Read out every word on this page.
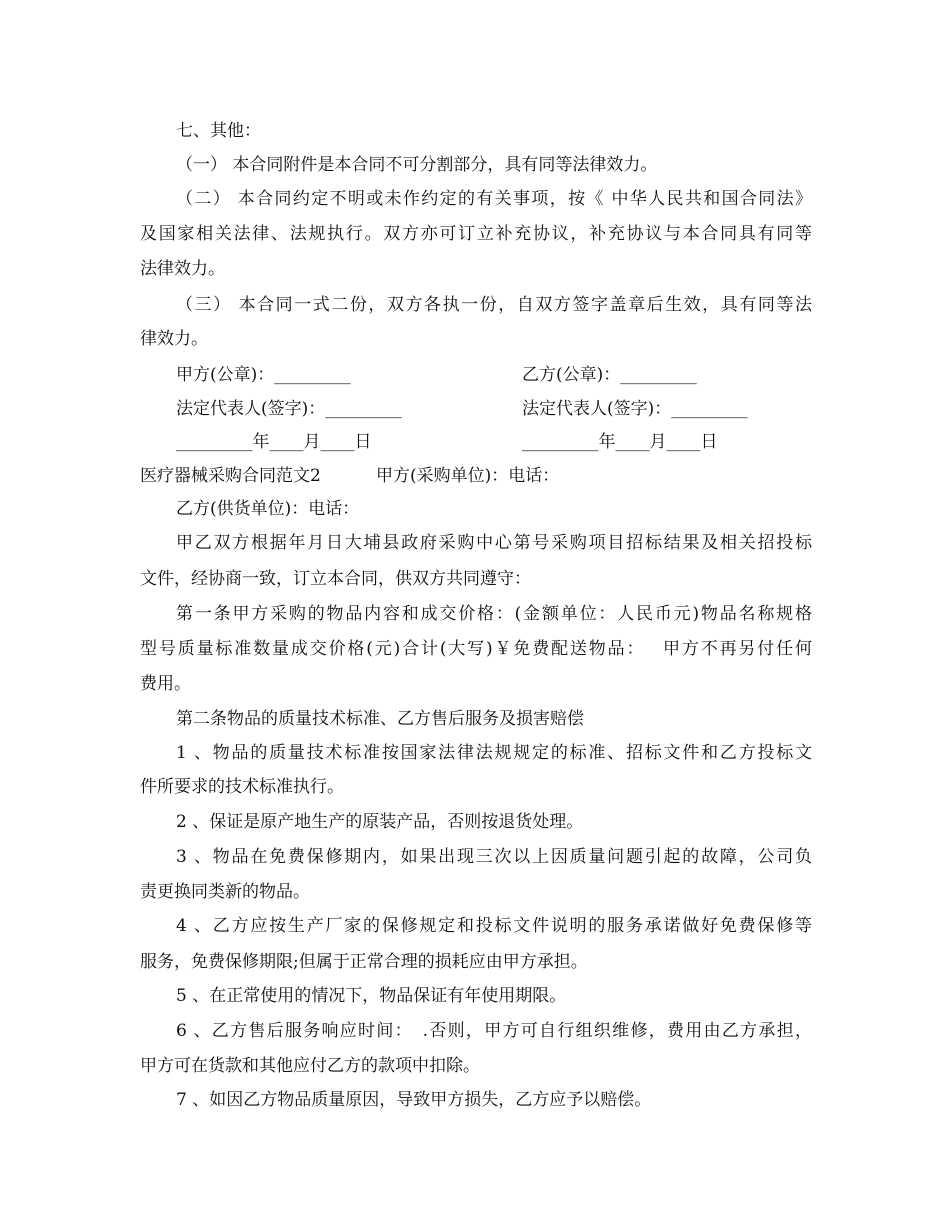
七、其他：
（一） 本合同附件是本合同不可分割部分，具有同等法律效力。
（二） 本合同约定不明或未作约定的有关事项，按《 中华人民共和国合同法》
及国家相关法律、法规执行。双方亦可订立补充协议，补充协议与本合同具有同等
法律效力。
（三） 本合同一式二份，双方各执一份，自双方签字盖章后生效，具有同等法
律效力。
甲方(公章)：_________	乙方(公章)：_________
法定代表人(签字)：_________	法定代表人(签字)：_________
_________年____月____日	_________年____月____日
医疗器械采购合同范文2	甲方(采购单位)：电话：
乙方(供货单位)：电话：
甲乙双方根据年月日大埔县政府采购中心第号采购项目招标结果及相关招投标
文件，经协商一致，订立本合同，供双方共同遵守：
第一条甲方采购的物品内容和成交价格：(金额单位：人民币元)物品名称规格
型号质量标准数量成交价格(元)合计(大写)￥免费配送物品：　 甲方不再另付任何
费用。
第二条物品的质量技术标准、乙方售后服务及损害赔偿
1 、物品的质量技术标准按国家法律法规规定的标准、招标文件和乙方投标文
件所要求的技术标准执行。
2 、保证是原产地生产的原装产品，否则按退货处理。
3 、物品在免费保修期内，如果出现三次以上因质量问题引起的故障，公司负
责更换同类新的物品。
4 、乙方应按生产厂家的保修规定和投标文件说明的服务承诺做好免费保修等
服务，免费保修期限;但属于正常合理的损耗应由甲方承担。
5 、在正常使用的情况下，物品保证有年使用期限。
6 、乙方售后服务响应时间：　.否则，甲方可自行组织维修，费用由乙方承担，
甲方可在货款和其他应付乙方的款项中扣除。
7 、如因乙方物品质量原因，导致甲方损失，乙方应予以赔偿。
